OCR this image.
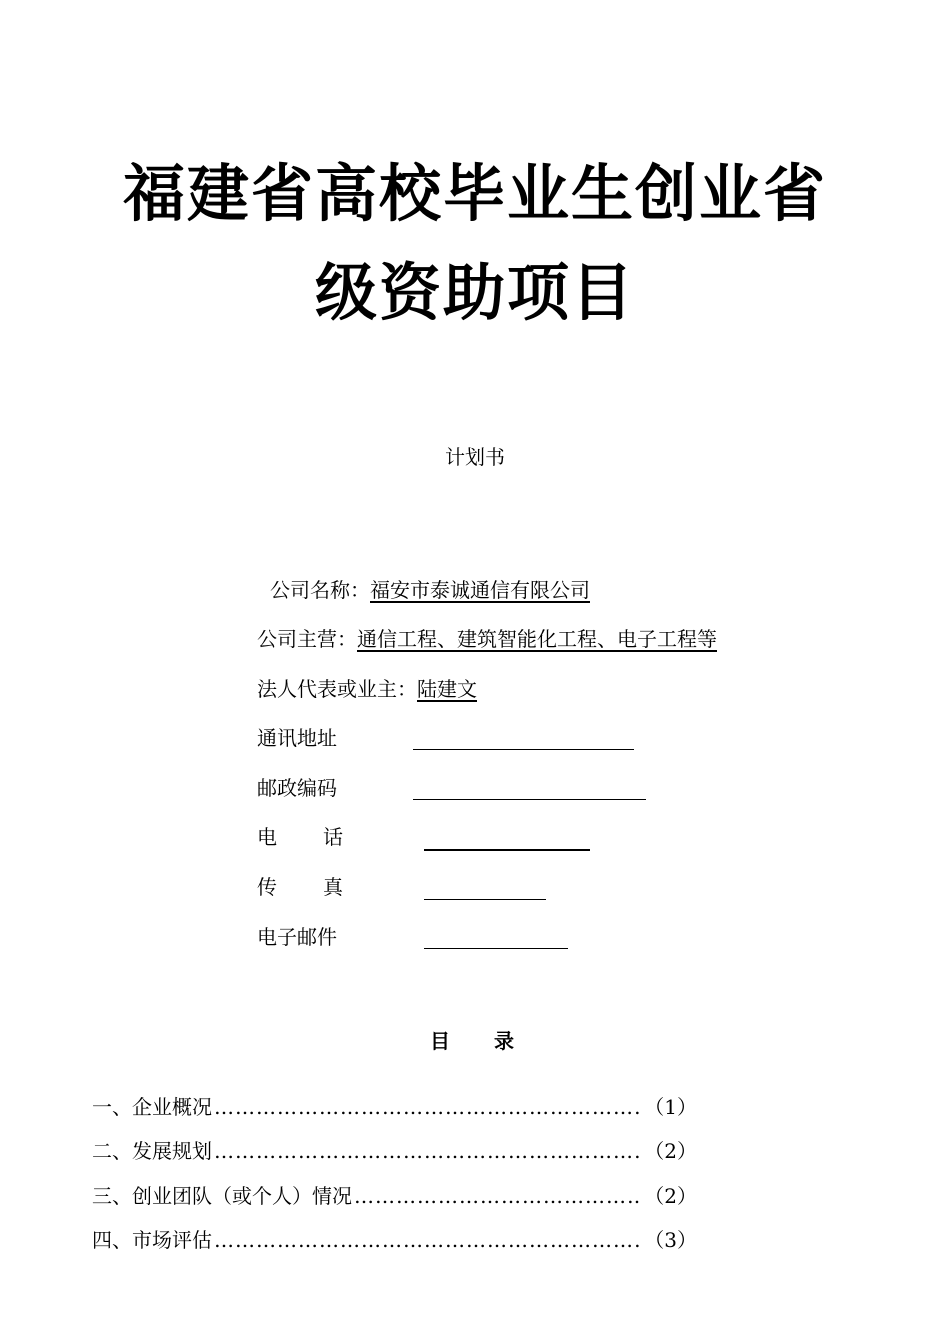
福建省高校毕业生创业省
级资助项目
计划书
公司名称：福安市泰诚通信有限公司
公司主营：通信工程、建筑智能化工程、电子工程等
法人代表或业主：陆建文
通讯地址
邮政编码
电 话
传 真
电子邮件
目 录
一、企业概况 ………………………………………………………………………………………………………………………………………………	（1）
二、发展规划 ………………………………………………………………………………………………………………………………………………	（2）
三、创业团队（或个人）情况 ………………………………………………………………………………………………………………………………………………	（2）
四、市场评估 ………………………………………………………………………………………………………………………………………………	（3）
